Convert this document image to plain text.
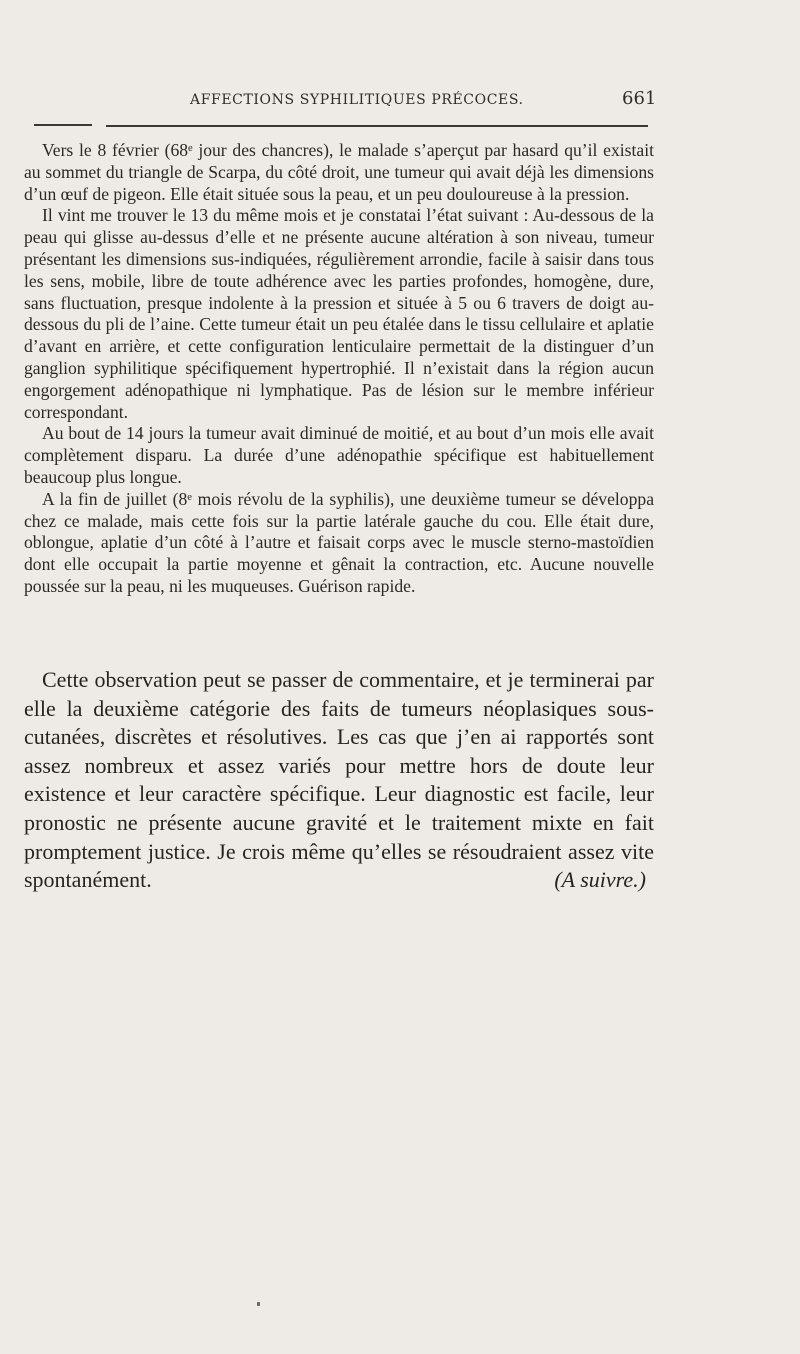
AFFECTIONS SYPHILITIQUES PRÉCOCES.	661

Vers le 8 février (68ᵉ jour des chancres), le malade s’aperçut par hasard qu’il existait au sommet du triangle de Scarpa, du côté droit, une tumeur qui avait déjà les dimensions d’un œuf de pigeon. Elle était située sous la peau, et un peu douloureuse à la pression.

Il vint me trouver le 13 du même mois et je constatai l’état suivant : Au-dessous de la peau qui glisse au-dessus d’elle et ne présente aucune altération à son niveau, tumeur présentant les dimensions sus-indiquées, régulièrement arrondie, facile à saisir dans tous les sens, mobile, libre de toute adhérence avec les parties profondes, homogène, dure, sans fluctuation, presque indolente à la pression et située à 5 ou 6 travers de doigt au-dessous du pli de l’aine. Cette tumeur était un peu étalée dans le tissu cellulaire et aplatie d’avant en arrière, et cette configuration lenticulaire permettait de la distinguer d’un ganglion syphilitique spécifiquement hypertrophié. Il n’existait dans la région aucun engorgement adénopathique ni lymphatique. Pas de lésion sur le membre inférieur correspondant.

Au bout de 14 jours la tumeur avait diminué de moitié, et au bout d’un mois elle avait complètement disparu. La durée d’une adénopathie spécifique est habituellement beaucoup plus longue.

A la fin de juillet (8ᵉ mois révolu de la syphilis), une deuxième tumeur se développa chez ce malade, mais cette fois sur la partie latérale gauche du cou. Elle était dure, oblongue, aplatie d’un côté à l’autre et faisait corps avec le muscle sterno-mastoïdien dont elle occupait la partie moyenne et gênait la contraction, etc. Aucune nouvelle poussée sur la peau, ni les muqueuses. Guérison rapide.

Cette observation peut se passer de commentaire, et je terminerai par elle la deuxième catégorie des faits de tumeurs néoplasiques sous-cutanées, discrètes et résolutives. Les cas que j’en ai rapportés sont assez nombreux et assez variés pour mettre hors de doute leur existence et leur caractère spécifique. Leur diagnostic est facile, leur pronostic ne présente aucune gravité et le traitement mixte en fait promptement justice. Je crois même qu’elles se résoudraient assez vite spontanément.	(A suivre.)
